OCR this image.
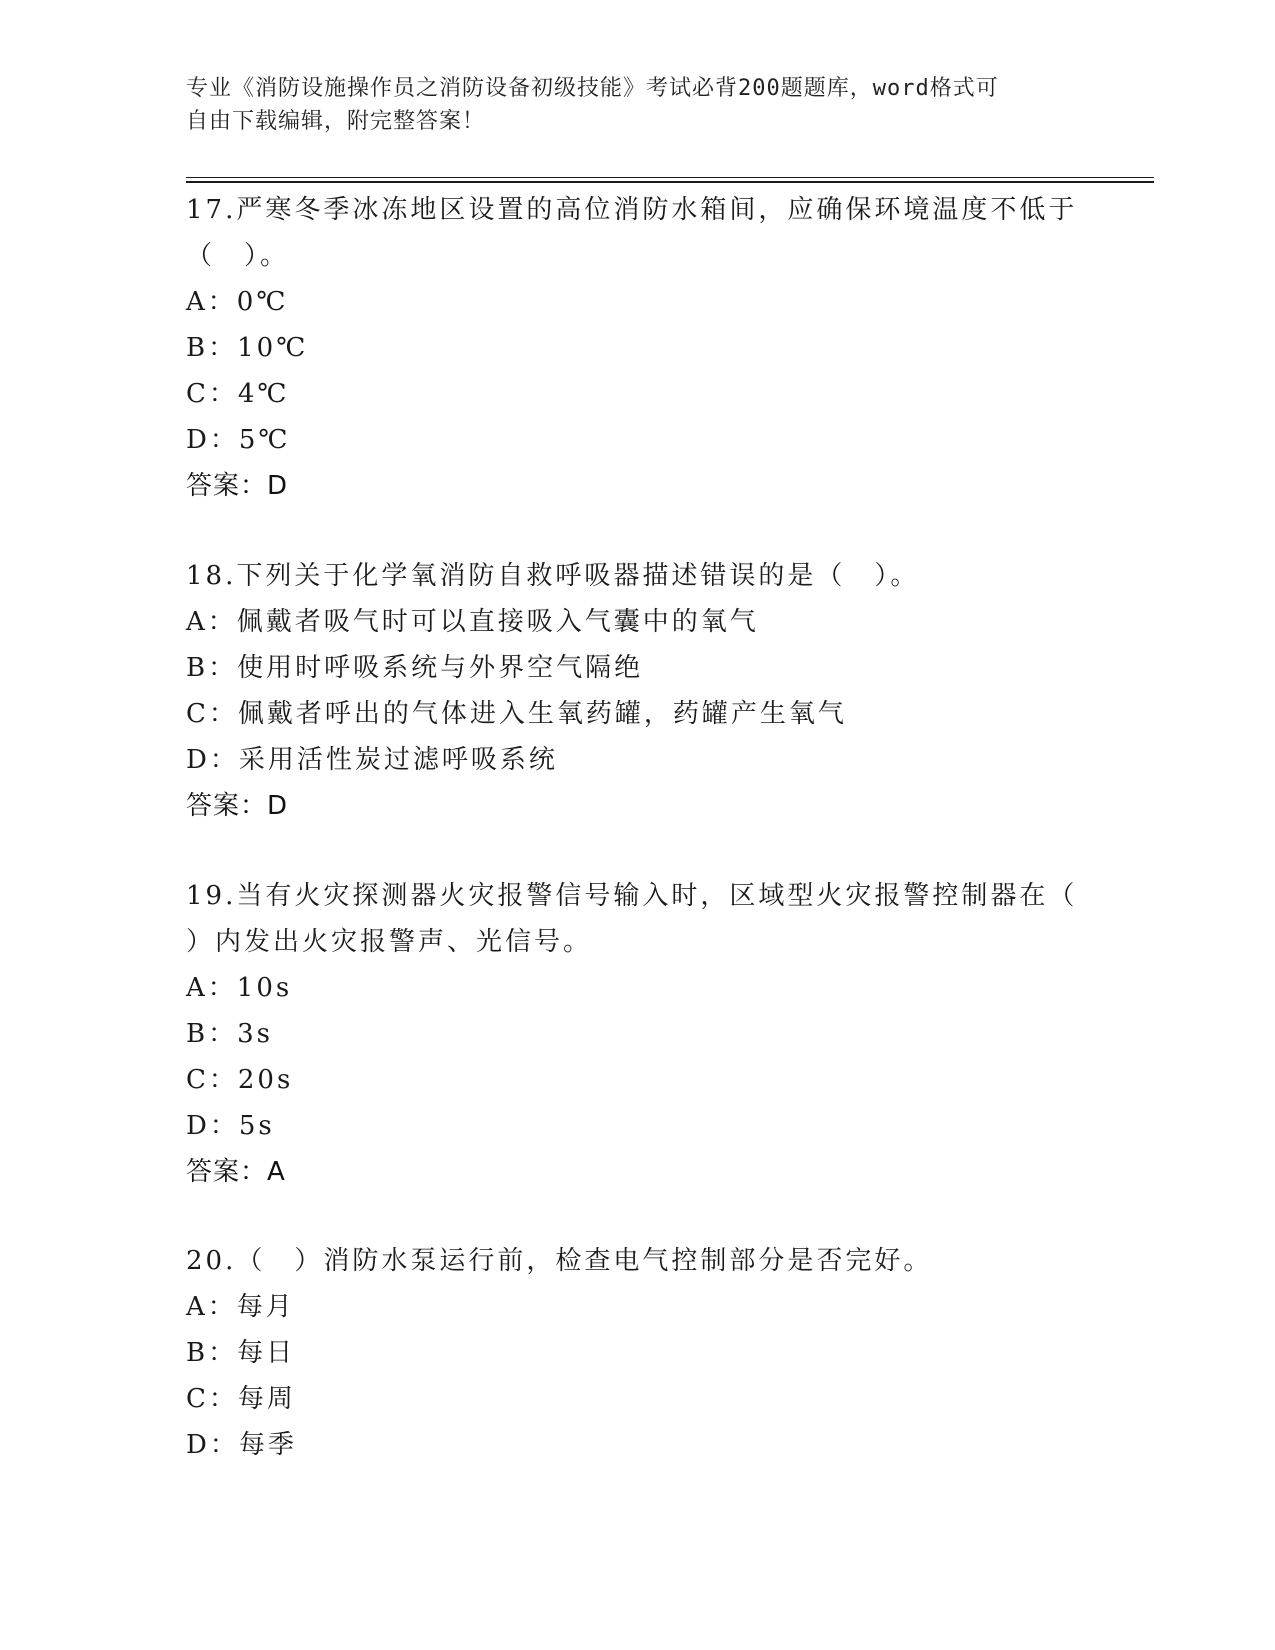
专业《消防设施操作员之消防设备初级技能》考试必背200题题库，word格式可
自由下载编辑，附完整答案！
17.严寒冬季冰冻地区设置的高位消防水箱间，应确保环境温度不低于
（　）。
A：0℃
B：10℃
C：4℃
D：5℃
答案：D
18.下列关于化学氧消防自救呼吸器描述错误的是（　）。
A：佩戴者吸气时可以直接吸入气囊中的氧气
B：使用时呼吸系统与外界空气隔绝
C：佩戴者呼出的气体进入生氧药罐，药罐产生氧气
D：采用活性炭过滤呼吸系统
答案：D
19.当有火灾探测器火灾报警信号输入时，区域型火灾报警控制器在（
）内发出火灾报警声、光信号。
A：10s
B：3s
C：20s
D：5s
答案：A
20.（　）消防水泵运行前，检查电气控制部分是否完好。
A：每月
B：每日
C：每周
D：每季
